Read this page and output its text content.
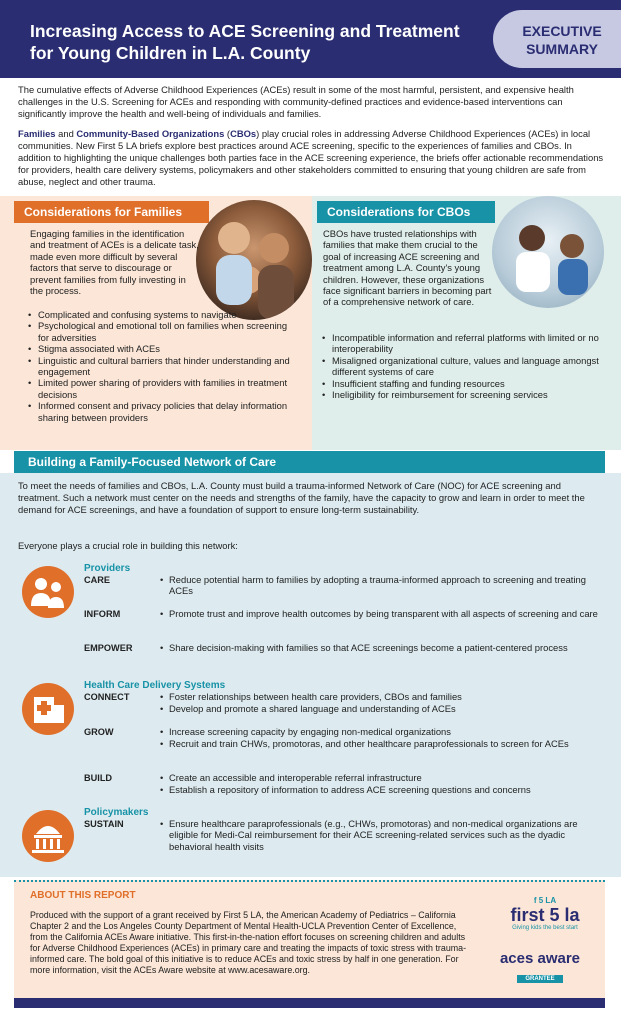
Increasing Access to ACE Screening and Treatment
for Young Children in L.A. County
EXECUTIVE
SUMMARY

The cumulative effects of Adverse Childhood Experiences (ACEs) result in some of the most harmful, persistent, and expensive health challenges in the U.S. Screening for ACEs and responding with community-defined practices and evidence-based interventions can significantly improve the health and well-being of individuals and families.

Families and Community-Based Organizations (CBOs) play crucial roles in addressing Adverse Childhood Experiences (ACEs) in local communities. New First 5 LA briefs explore best practices around ACE screening, specific to the experiences of families and CBOs. In addition to highlighting the unique challenges both parties face in the ACE screening experience, the briefs offer actionable recommendations for providers, health care delivery systems, policymakers and other stakeholders committed to ensuring that young children are safe from abuse, neglect and other trauma.

Considerations for Families

Engaging families in the identification and treatment of ACEs is a delicate task, made even more difficult by several factors that serve to discourage or prevent families from fully investing in the process.

• Complicated and confusing systems to navigate
• Psychological and emotional toll on families when screening for adversities
• Stigma associated with ACEs
• Linguistic and cultural barriers that hinder understanding and engagement
• Limited power sharing of providers with families in treatment decisions
• Informed consent and privacy policies that delay information sharing between providers
Considerations for CBOs

CBOs have trusted relationships with families that make them crucial to the goal of increasing ACE screening and treatment among L.A. County's young children. However, these organizations face significant barriers in becoming part of a comprehensive network of care.

• Incompatible information and referral platforms with limited or no interoperability
• Misaligned organizational culture, values and language amongst different systems of care
• Insufficient staffing and funding resources
• Ineligibility for reimbursement for screening services
Building a Family-Focused Network of Care

To meet the needs of families and CBOs, L.A. County must build a trauma-informed Network of Care (NOC) for ACE screening and treatment. Such a network must center on the needs and strengths of the family, have the capacity to grow and learn in order to meet the demand for ACE screenings, and have a foundation of support to ensure long-term sustainability.

Everyone plays a crucial role in building this network:

Providers
CARE	• Reduce potential harm to families by adopting a trauma-informed approach to screening and treating ACEs
INFORM	• Promote trust and improve health outcomes by being transparent with all aspects of screening and care
EMPOWER	• Share decision-making with families so that ACE screenings become a patient-centered process
Health Care Delivery Systems
CONNECT	• Foster relationships between health care providers, CBOs and families
• Develop and promote a shared language and understanding of ACEs
GROW	• Increase screening capacity by engaging non-medical organizations
• Recruit and train CHWs, promotoras, and other healthcare paraprofessionals to screen for ACEs
BUILD	• Create an accessible and interoperable referral infrastructure
• Establish a repository of information to address ACE screening questions and concerns
Policymakers
SUSTAIN	• Ensure healthcare paraprofessionals (e.g., CHWs, promotoras) and non-medical organizations are eligible for Medi-Cal reimbursement for their ACE screening-related services such as the dyadic behavioral health visits
ABOUT THIS REPORT

Produced with the support of a grant received by First 5 LA, the American Academy of Pediatrics – California Chapter 2 and the Los Angeles County Department of Mental Health-UCLA Prevention Center of Excellence, from the California ACEs Aware initiative. This first-in-the-nation effort focuses on screening children and adults for Adverse Childhood Experiences (ACEs) in primary care and treating the impacts of toxic stress with trauma-informed care. The bold goal of this initiative is to reduce ACEs and toxic stress by half in one generation. For more information, visit the ACEs Aware website at www.acesaware.org.

f 5 LA
first 5 la
Giving kids the best start
aces aware
GRANTEE
